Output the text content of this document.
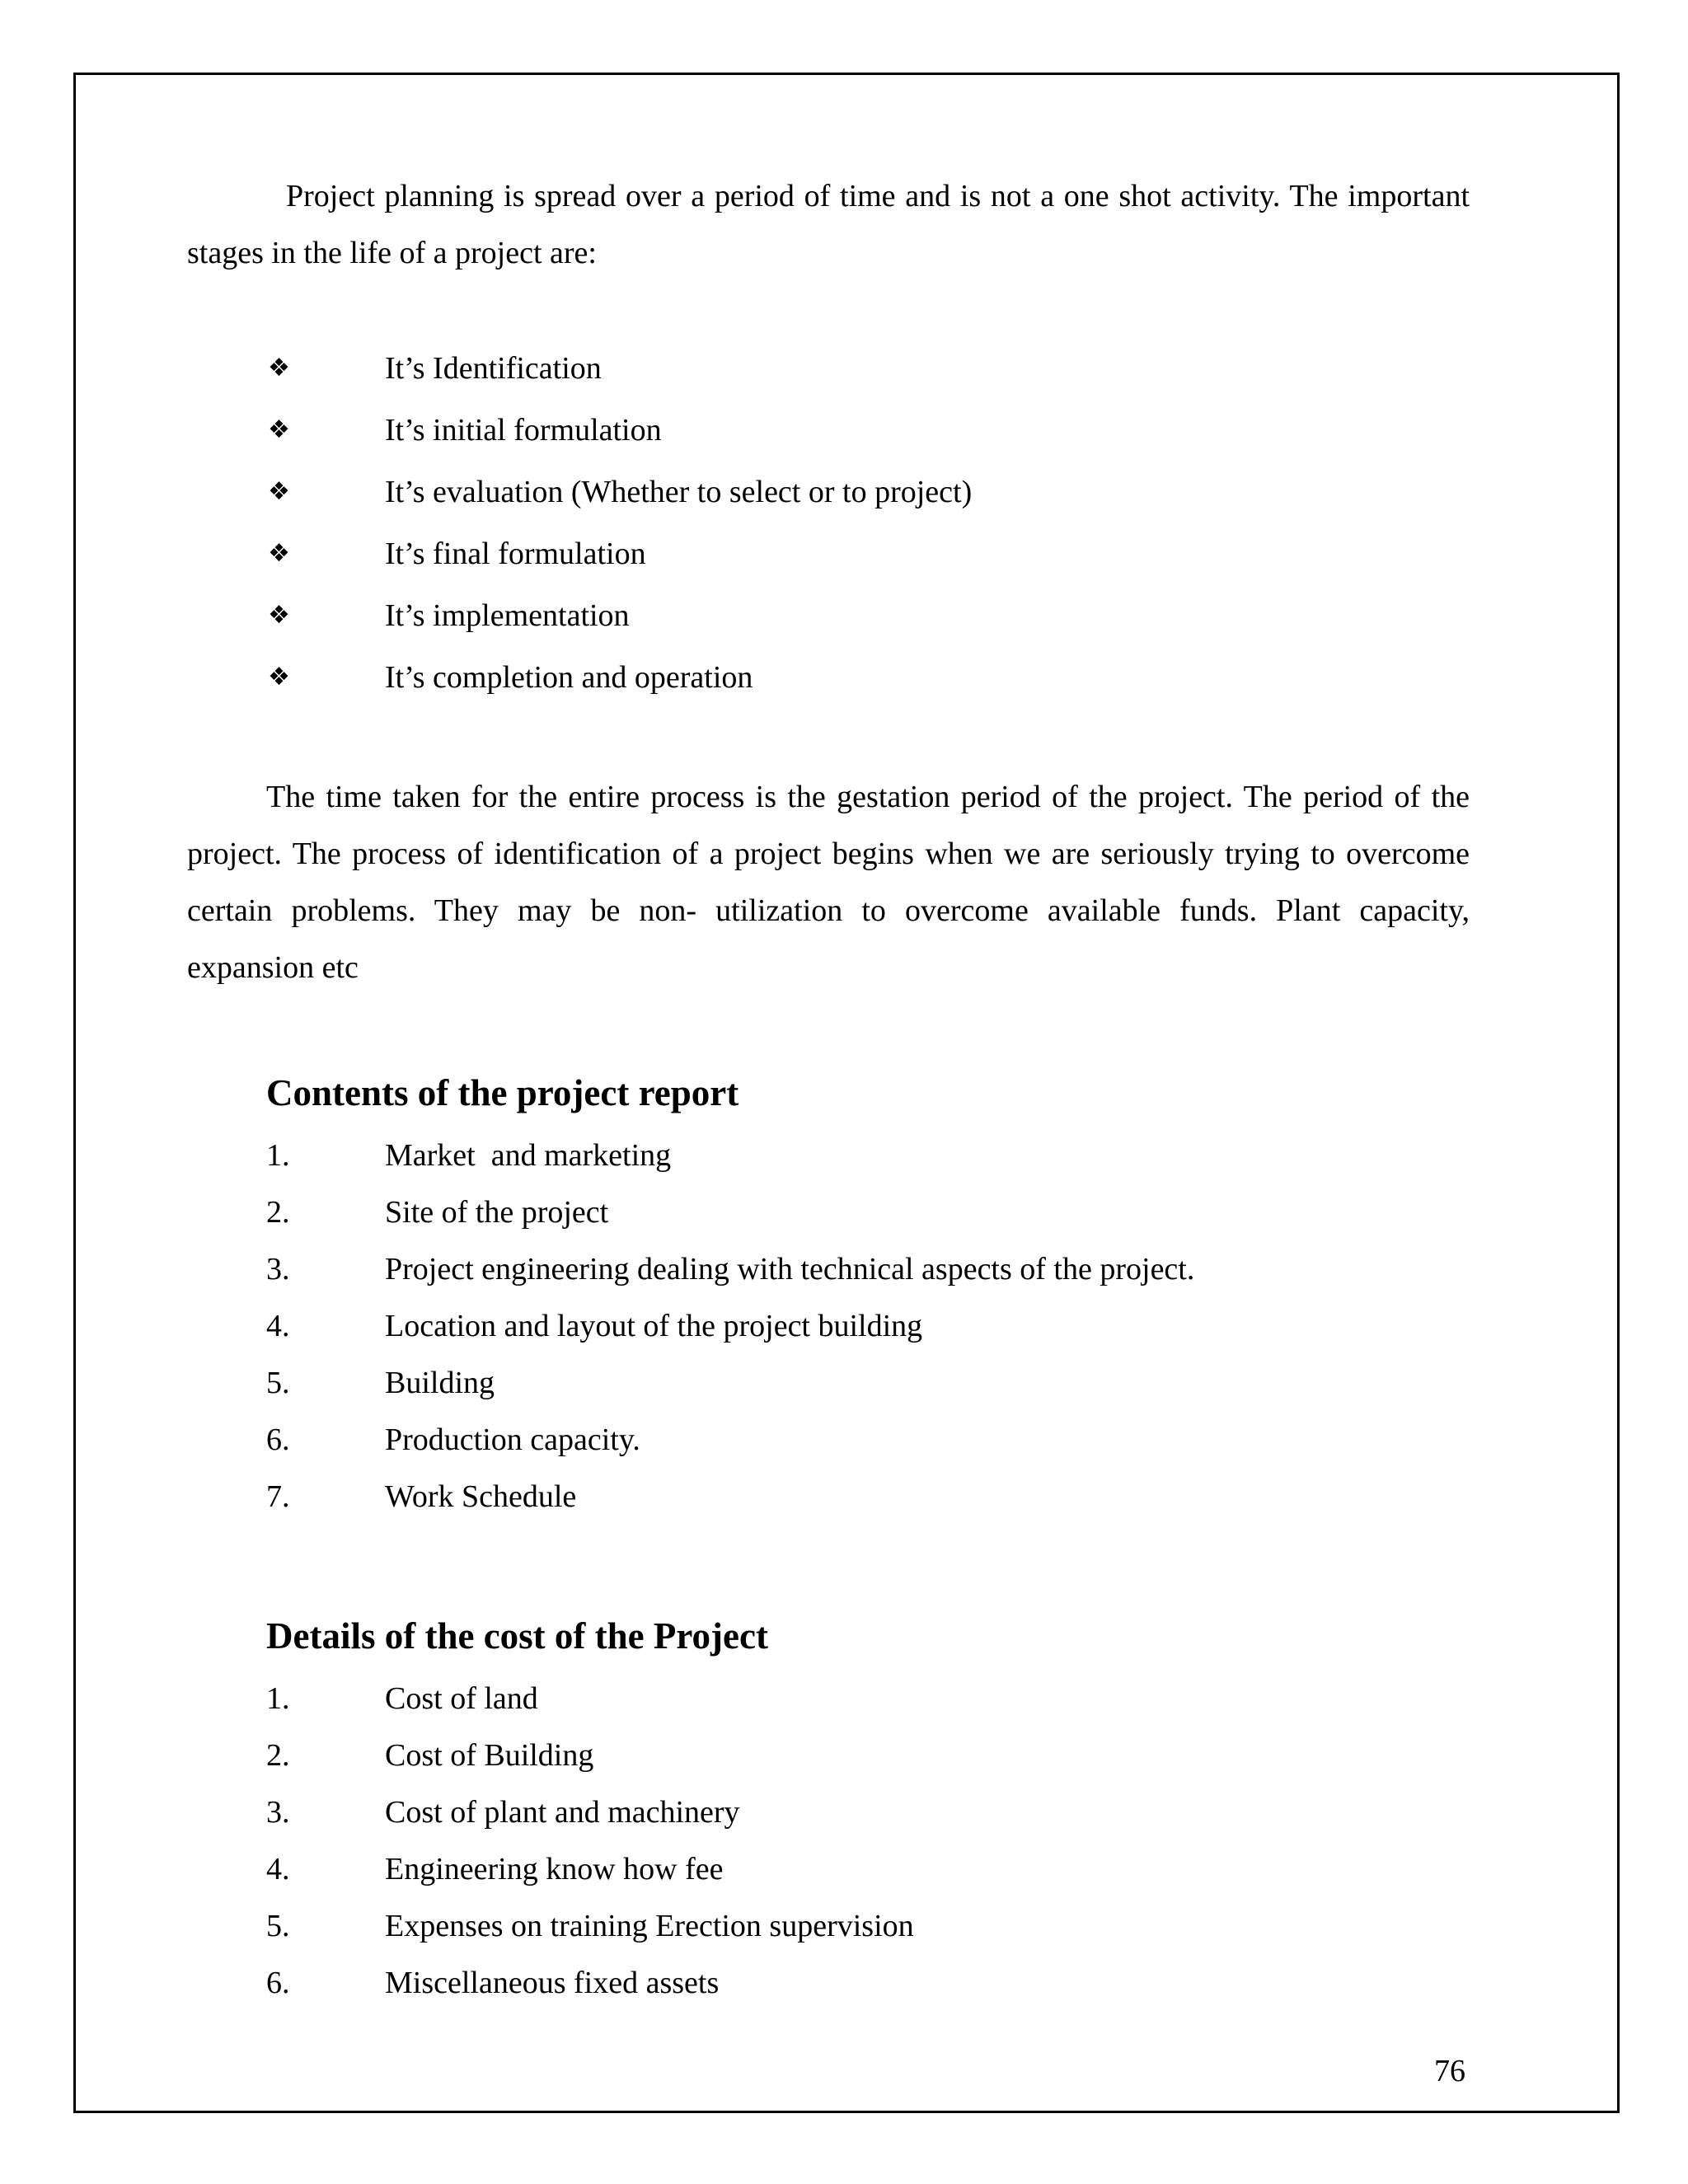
Project planning is spread over a period of time and is not a one shot activity. The important stages in the life of a project are:

❖	It’s Identification
❖	It’s initial formulation
❖	It’s evaluation (Whether to select or to project)
❖	It’s final formulation
❖	It’s implementation
❖	It’s completion and operation

The time taken for the entire process is the gestation period of the project. The period of the project. The process of identification of a project begins when we are seriously trying to overcome certain problems. They may be non- utilization to overcome available funds. Plant capacity, expansion etc

Contents of the project report
1.	Market  and marketing
2.	Site of the project
3.	Project engineering dealing with technical aspects of the project.
4.	Location and layout of the project building
5.	Building
6.	Production capacity.
7.	Work Schedule
Details of the cost of the Project
1.	Cost of land
2.	Cost of Building
3.	Cost of plant and machinery
4.	Engineering know how fee
5.	Expenses on training Erection supervision
6.	Miscellaneous fixed assets
76
